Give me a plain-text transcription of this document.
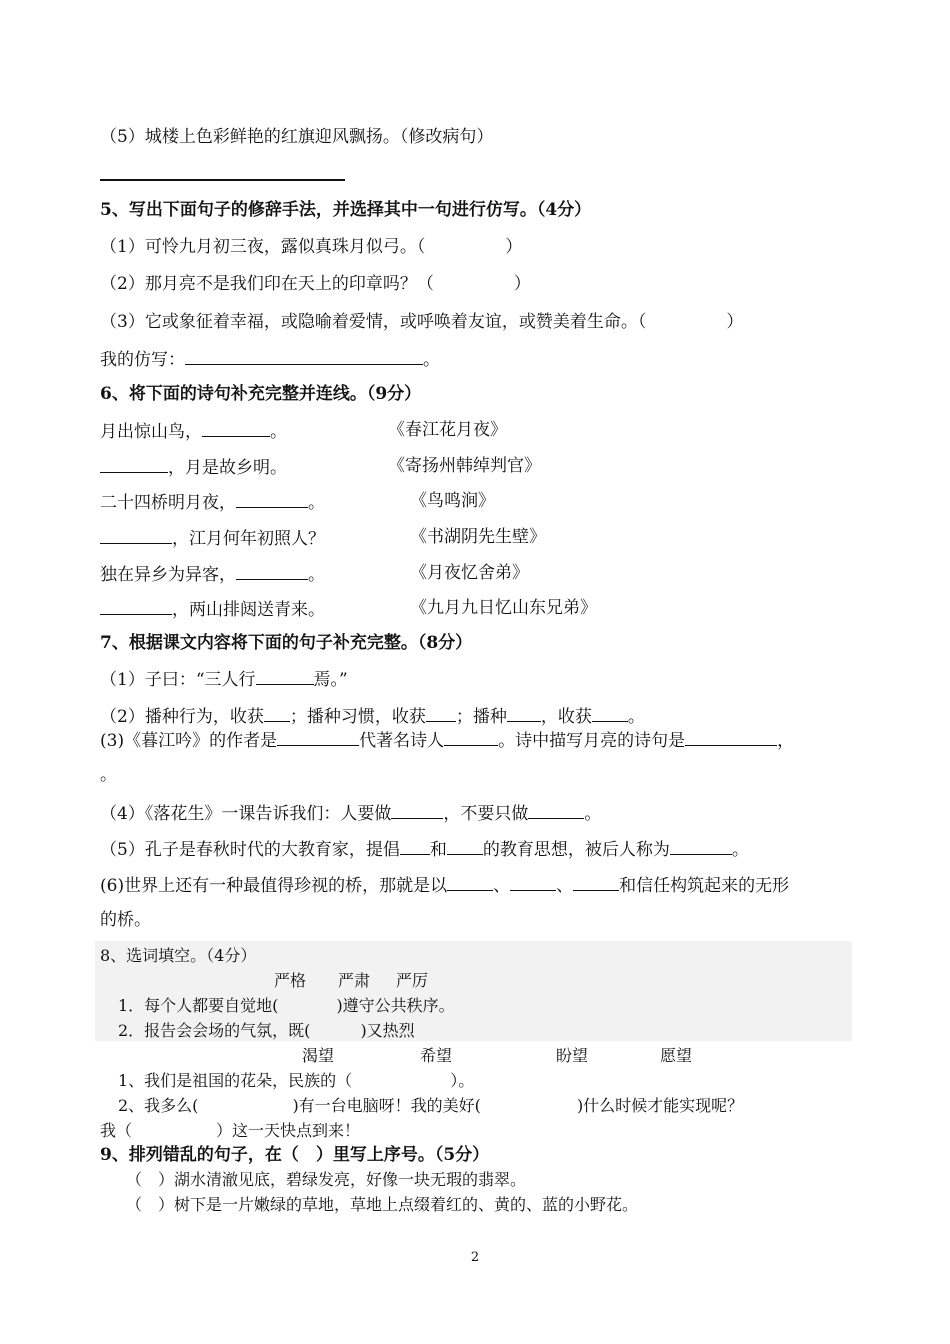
（5）城楼上色彩鲜艳的红旗迎风飘扬。（修改病句）
5、写出下面句子的修辞手法，并选择其中一句进行仿写。（4分）
（1）可怜九月初三夜，露似真珠月似弓。（	）
（2）那月亮不是我们印在天上的印章吗？（	）
（3）它或象征着幸福，或隐喻着爱情，或呼唤着友谊，或赞美着生命。（	）
我的仿写：	。
6、将下面的诗句补充完整并连线。（9分）
月出惊山鸟，	。	《春江花月夜》
，月是故乡明。	《寄扬州韩绰判官》
二十四桥明月夜，	。	《鸟鸣涧》
，江月何年初照人？	《书湖阴先生壁》
独在异乡为异客，	。	《月夜忆舍弟》
，两山排闼送青来。	《九月九日忆山东兄弟》
7、根据课文内容将下面的句子补充完整。（8分）
（1）子曰：“三人行	焉。”
（2）播种行为，收获 ；播种习惯，收获 ；播种 ，收获 。
(3)《暮江吟》的作者是	代著名诗人	。诗中描写月亮的诗句是	，
。
（4）《落花生》一课告诉我们：人要做	，不要只做	。
（5）孔子是春秋时代的大教育家，提倡 和 的教育思想，被后人称为	。
(6)世界上还有一种最值得珍视的桥，那就是以	、	、	和信任构筑起来的无形
的桥。
8、选词填空。（4分）
严格 严肃 严厉
1．每个人都要自觉地(	)遵守公共秩序。
2．报告会会场的气氛，既(	)又热烈
渴望	希望	盼望	愿望
1、我们是祖国的花朵，民族的（	）。
2、我多么(	)有一台电脑呀！我的美好(	)什么时候才能实现呢？
我（	）这一天快点到来！
9、排列错乱的句子，在（　）里写上序号。（5分）
（　）湖水清澈见底，碧绿发亮，好像一块无瑕的翡翠。
（　）树下是一片嫩绿的草地，草地上点缀着红的、黄的、蓝的小野花。
2
